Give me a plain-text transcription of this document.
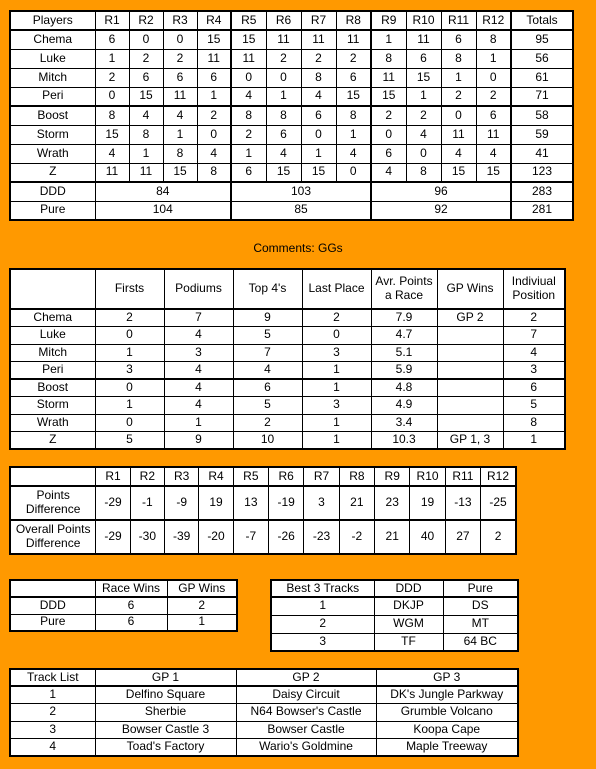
Players	R1	R2	R3	R4	R5	R6	R7	R8	R9	R10	R11	R12	Totals
Chema	6	0	0	15	15	11	11	11	1	11	6	8	95
Luke	1	2	2	11	11	2	2	2	8	6	8	1	56
Mitch	2	6	6	6	0	0	8	6	11	15	1	0	61
Peri	0	15	11	1	4	1	4	15	15	1	2	2	71
Boost	8	4	4	2	8	8	6	8	2	2	0	6	58
Storm	15	8	1	0	2	6	0	1	0	4	11	11	59
Wrath	4	1	8	4	1	4	1	4	6	0	4	4	41
Z	11	11	15	8	6	15	15	0	4	8	15	15	123
DDD	84				103				96				283
Pure	104				85				92				281
Comments: GGs
	Firsts	Podiums	Top 4's	Last Place	Avr. Points a Race	GP Wins	Indiviual Position
Chema	2	7	9	2	7.9	GP 2	2
Luke	0	4	5	0	4.7		7
Mitch	1	3	7	3	5.1		4
Peri	3	4	4	1	5.9		3
Boost	0	4	6	1	4.8		6
Storm	1	4	5	3	4.9		5
Wrath	0	1	2	1	3.4		8
Z	5	9	10	1	10.3	GP 1, 3	1
	R1	R2	R3	R4	R5	R6	R7	R8	R9	R10	R11	R12
Points Difference	-29	-1	-9	19	13	-19	3	21	23	19	-13	-25
Overall Points Difference	-29	-30	-39	-20	-7	-26	-23	-2	21	40	27	2
	Race Wins	GP Wins
DDD	6	2
Pure	6	1
Best 3 Tracks	DDD	Pure
1	DKJP	DS
2	WGM	MT
3	TF	64 BC
Track List	GP 1	GP 2	GP 3
1	Delfino Square	Daisy Circuit	DK's Jungle Parkway
2	Sherbie	N64 Bowser's Castle	Grumble Volcano
3	Bowser Castle 3	Bowser Castle	Koopa Cape
4	Toad's Factory	Wario's Goldmine	Maple Treeway
